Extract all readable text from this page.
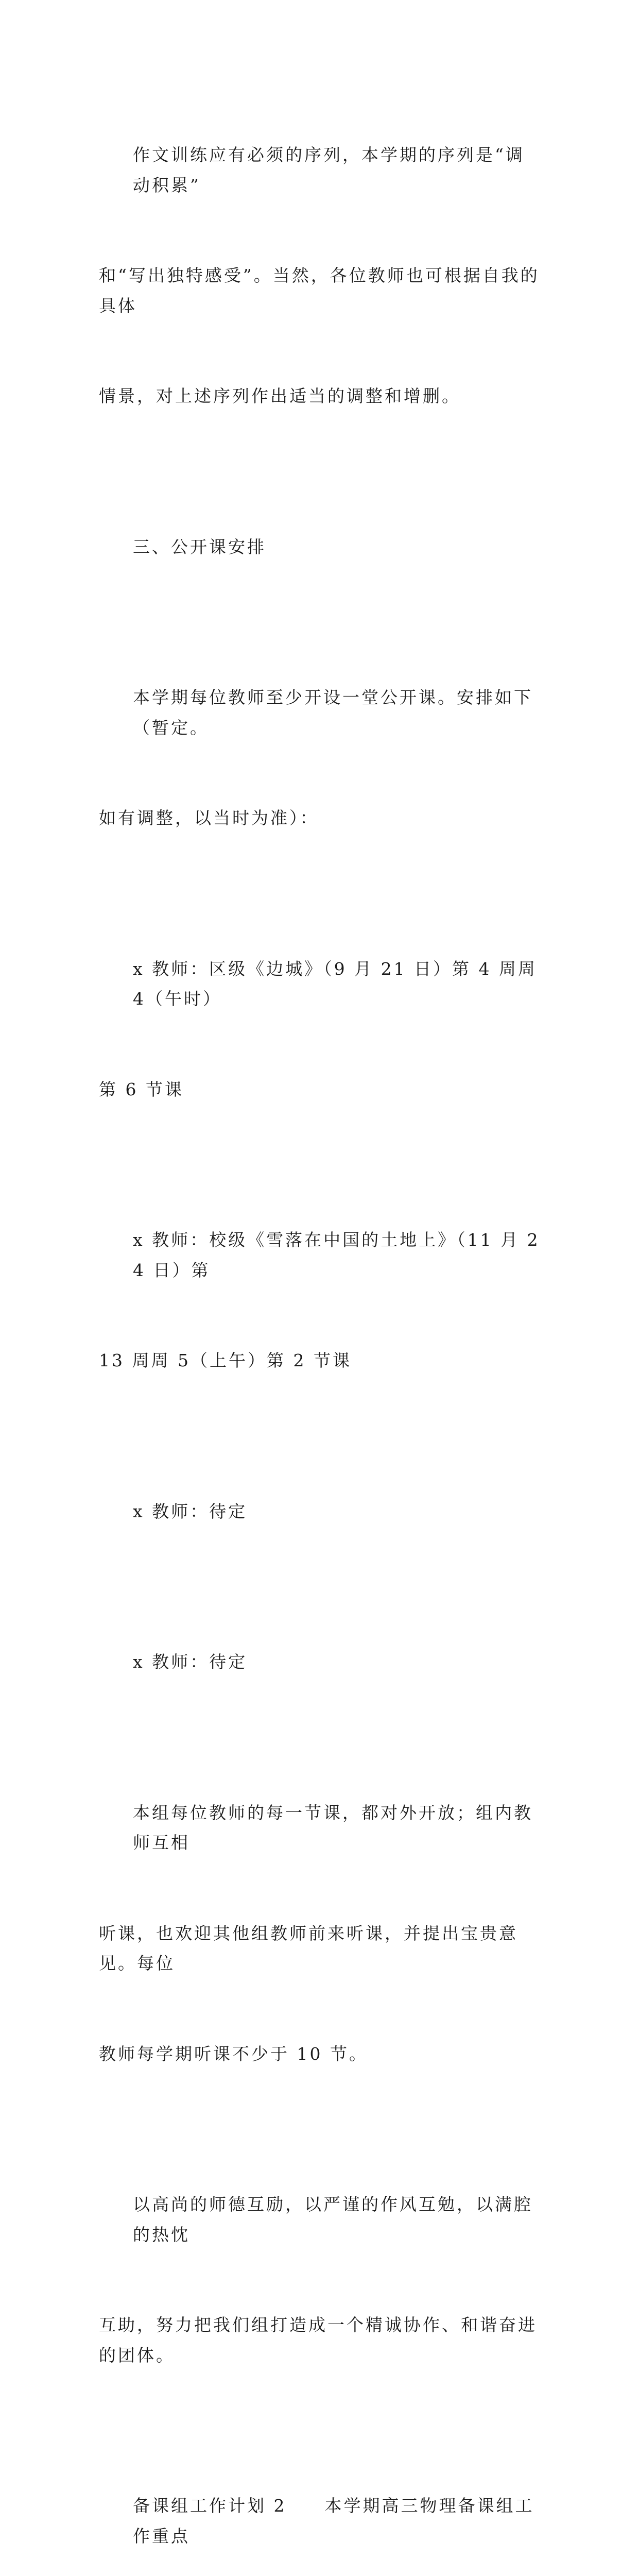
作文训练应有必须的序列，本学期的序列是“调动积累”

和“写出独特感受”。当然，各位教师也可根据自我的具体

情景，对上述序列作出适当的调整和增删。

三、公开课安排

本学期每位教师至少开设一堂公开课。安排如下（暂定。

如有调整，以当时为准）：

x 教师：区级《边城》（9 月 21 日）第 4 周周 4（午时）

第 6 节课

x 教师：校级《雪落在中国的土地上》（11 月 24 日）第

13 周周 5（上午）第 2 节课

x 教师：待定

x 教师：待定

本组每位教师的每一节课，都对外开放；组内教师互相

听课，也欢迎其他组教师前来听课，并提出宝贵意见。每位

教师每学期听课不少于 10 节。

以高尚的师德互励，以严谨的作风互勉，以满腔的热忱

互助，努力把我们组打造成一个精诚协作、和谐奋进的团体。

备课组工作计划 2　　本学期高三物理备课组工作重点
